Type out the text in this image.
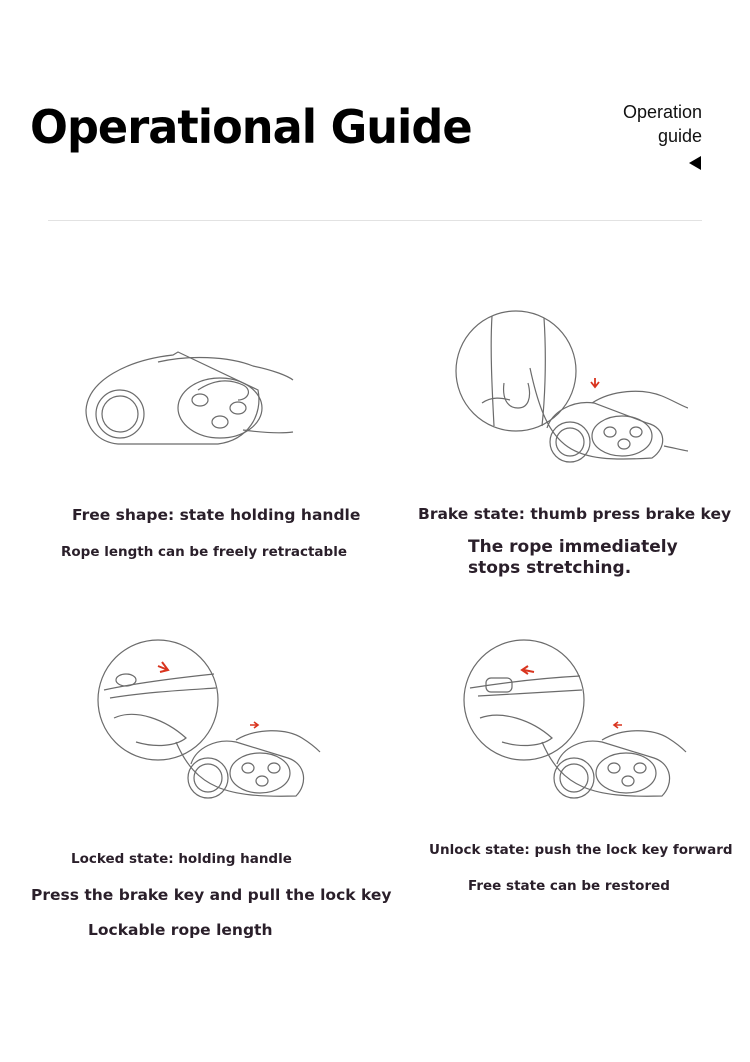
Operational Guide	Operation
guide
Free shape: state holding handle
Rope length can be freely retractable
Brake state: thumb press brake key
The rope immediately
stops stretching.
Locked state: holding handle
Press the brake key and pull the lock key
Lockable rope length
Unlock state: push the lock key forward
Free state can be restored
